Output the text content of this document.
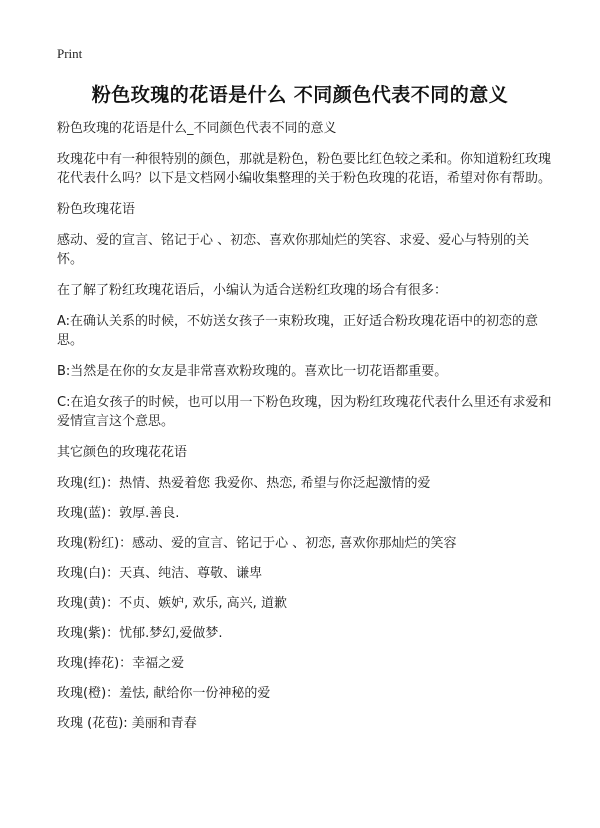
Print
粉色玫瑰的花语是什么 不同颜色代表不同的意义

粉色玫瑰的花语是什么_不同颜色代表不同的意义

玫瑰花中有一种很特别的颜色，那就是粉色，粉色要比红色较之柔和。你知道粉红玫瑰花代表什么吗？以下是文档网小编收集整理的关于粉色玫瑰的花语，希望对你有帮助。

粉色玫瑰花语

感动、爱的宣言、铭记于心 、初恋、喜欢你那灿烂的笑容、求爱、爱心与特别的关怀。

在了解了粉红玫瑰花语后，小编认为适合送粉红玫瑰的场合有很多：

A:在确认关系的时候，不妨送女孩子一束粉玫瑰，正好适合粉玫瑰花语中的初恋的意思。

B:当然是在你的女友是非常喜欢粉玫瑰的。喜欢比一切花语都重要。

C:在追女孩子的时候，也可以用一下粉色玫瑰，因为粉红玫瑰花代表什么里还有求爱和爱情宣言这个意思。

其它颜色的玫瑰花花语

玫瑰(红)：热情、热爱着您 我爱你、热恋, 希望与你泛起激情的爱

玫瑰(蓝)：敦厚.善良.

玫瑰(粉红)：感动、爱的宣言、铭记于心 、初恋, 喜欢你那灿烂的笑容

玫瑰(白)：天真、纯洁、尊敬、谦卑

玫瑰(黄)：不贞、嫉妒, 欢乐, 高兴, 道歉

玫瑰(紫)：忧郁.梦幻,爱做梦.

玫瑰(捧花)：幸福之爱

玫瑰(橙)：羞怯, 献给你一份神秘的爱

玫瑰 (花苞): 美丽和青春
